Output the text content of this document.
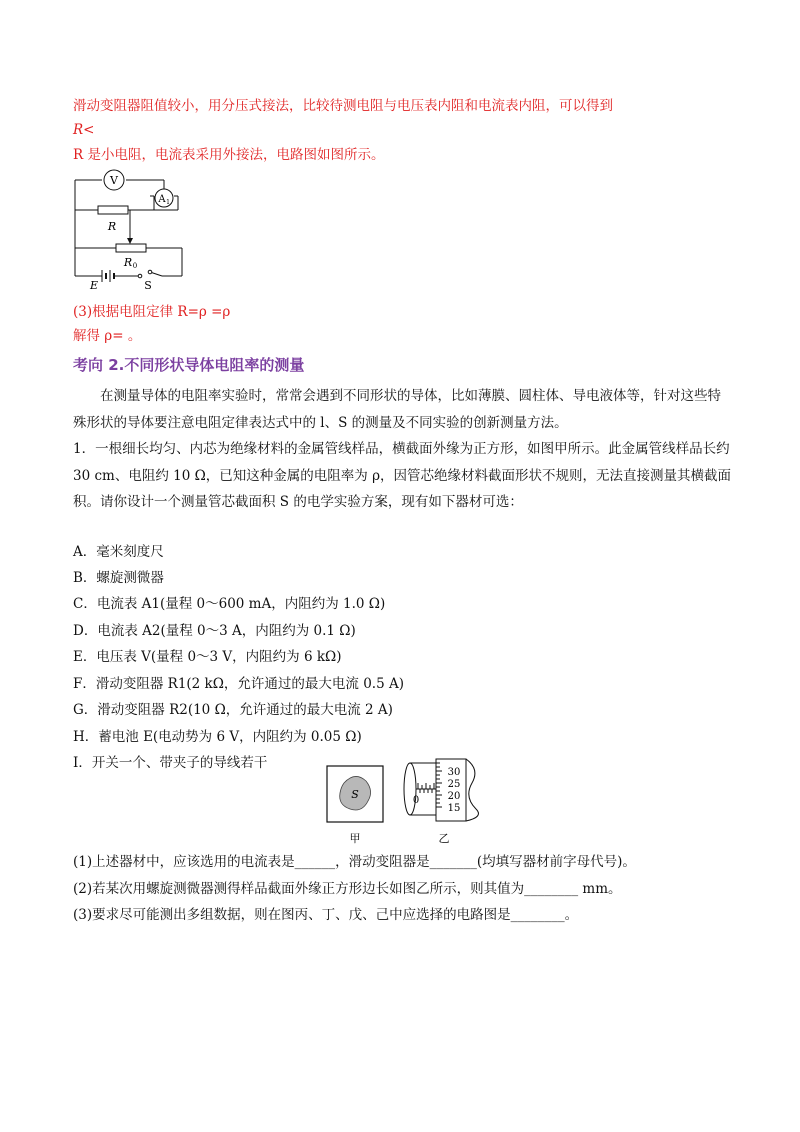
滑动变阻器阻值较小，用分压式接法，比较待测电阻与电压表内阻和电流表内阻，可以得到
R<
R 是小电阻，电流表采用外接法，电路图如图所示。
V
A 1
R
R 0
E	S
(3)根据电阻定律 R=ρ =ρ
解得 ρ= 。
考向 2.不同形状导体电阻率的测量
在测量导体的电阻率实验时，常常会遇到不同形状的导体，比如薄膜、圆柱体、导电液体等，针对这些特殊形状的导体要注意电阻定律表达式中的 l、S 的测量及不同实验的创新测量方法。
1．一根细长均匀、内芯为绝缘材料的金属管线样品，横截面外缘为正方形，如图甲所示。此金属管线样品长约 30 cm、电阻约 10 Ω，已知这种金属的电阻率为 ρ，因管芯绝缘材料截面形状不规则，无法直接测量其横截面积。请你设计一个测量管芯截面积 S 的电学实验方案，现有如下器材可选：
A．毫米刻度尺
B．螺旋测微器
C．电流表 A1(量程 0～600 mA，内阻约为 1.0 Ω)
D．电流表 A2(量程 0～3 A，内阻约为 0.1 Ω)
E．电压表 V(量程 0～3 V，内阻约为 6 kΩ)
F．滑动变阻器 R1(2 kΩ，允许通过的最大电流 0.5 A)
G．滑动变阻器 R2(10 Ω，允许通过的最大电流 2 A)
H．蓄电池 E(电动势为 6 V，内阻约为 0.05 Ω)
I．开关一个、带夹子的导线若干
S
甲
30
25
20
15
0
乙
(1)上述器材中，应该选用的电流表是______，滑动变阻器是_______(均填写器材前字母代号)。
(2)若某次用螺旋测微器测得样品截面外缘正方形边长如图乙所示，则其值为________ mm。
(3)要求尽可能测出多组数据，则在图丙、丁、戊、己中应选择的电路图是________。
